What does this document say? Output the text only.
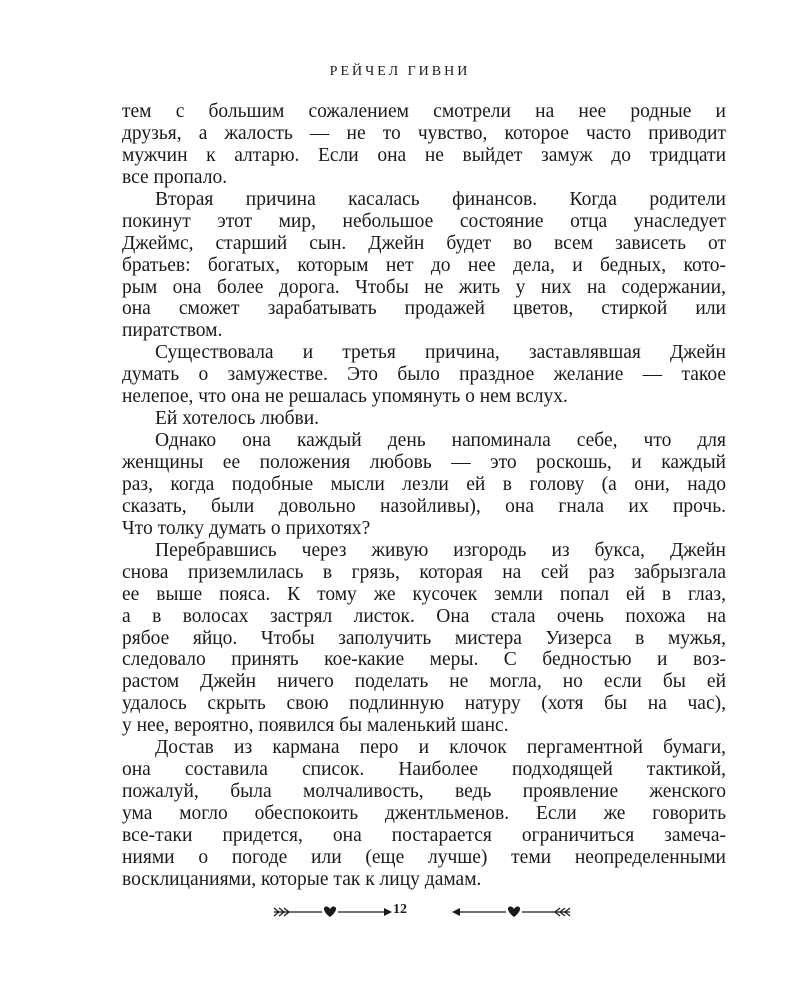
РЕЙЧЕЛ ГИВНИ
тем с большим сожалением смотрели на нее родные и
друзья, а жалость — не то чувство, которое часто приводит
мужчин к алтарю. Если она не выйдет замуж до тридцати
все пропало.
Вторая причина касалась финансов. Когда родители
покинут этот мир, небольшое состояние отца унаследует
Джеймс, старший сын. Джейн будет во всем зависеть от
братьев: богатых, которым нет до нее дела, и бедных, кото-
рым она более дорога. Чтобы не жить у них на содержании,
она сможет зарабатывать продажей цветов, стиркой или
пиратством.
Существовала и третья причина, заставлявшая Джейн
думать о замужестве. Это было праздное желание — такое
нелепое, что она не решалась упомянуть о нем вслух.
Ей хотелось любви.
Однако она каждый день напоминала себе, что для
женщины ее положения любовь — это роскошь, и каждый
раз, когда подобные мысли лезли ей в голову (а они, надо
сказать, были довольно назойливы), она гнала их прочь.
Что толку думать о прихотях?
Перебравшись через живую изгородь из букса, Джейн
снова приземлилась в грязь, которая на сей раз забрызгала
ее выше пояса. К тому же кусочек земли попал ей в глаз,
а в волосах застрял листок. Она стала очень похожа на
рябое яйцо. Чтобы заполучить мистера Уизерса в мужья,
следовало принять кое-какие меры. С бедностью и воз-
растом Джейн ничего поделать не могла, но если бы ей
удалось скрыть свою подлинную натуру (хотя бы на час),
у нее, вероятно, появился бы маленький шанс.
Достав из кармана перо и клочок пергаментной бумаги,
она составила список. Наиболее подходящей тактикой,
пожалуй, была молчаливость, ведь проявление женского
ума могло обеспокоить джентльменов. Если же говорить
все-таки придется, она постарается ограничиться замеча-
ниями о погоде или (еще лучше) теми неопределенными
восклицаниями, которые так к лицу дамам.
12
